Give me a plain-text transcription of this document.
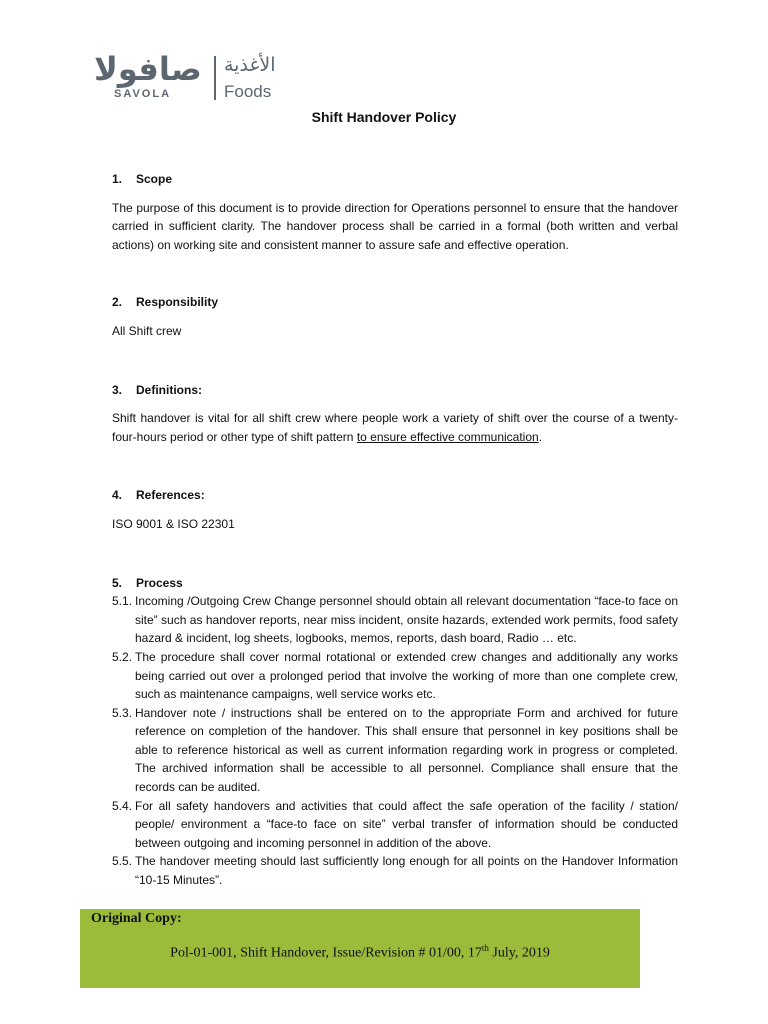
صافولا
SAVOLA
الأغذية
Foods
Shift Handover Policy

1. Scope

The purpose of this document is to provide direction for Operations personnel to ensure that the handover carried in sufficient clarity. The handover process shall be carried in a formal (both written and verbal actions) on working site and consistent manner to assure safe and effective operation.

2. Responsibility

All Shift crew

3. Definitions:

Shift handover is vital for all shift crew where people work a variety of shift over the course of a twenty-four-hours period or other type of shift pattern to ensure effective communication.

4. References:

ISO 9001 & ISO 22301

5. Process

5.1. Incoming /Outgoing Crew Change personnel should obtain all relevant documentation “face-to face on site” such as handover reports, near miss incident, onsite hazards, extended work permits, food safety hazard & incident, log sheets, logbooks, memos, reports, dash board, Radio … etc.
5.2. The procedure shall cover normal rotational or extended crew changes and additionally any works being carried out over a prolonged period that involve the working of more than one complete crew, such as maintenance campaigns, well service works etc.
5.3. Handover note / instructions shall be entered on to the appropriate Form and archived for future reference on completion of the handover. This shall ensure that personnel in key positions shall be able to reference historical as well as current information regarding work in progress or completed. The archived information shall be accessible to all personnel. Compliance shall ensure that the records can be audited.
5.4. For all safety handovers and activities that could affect the safe operation of the facility / station/ people/ environment a “face-to face on site” verbal transfer of information should be conducted between outgoing and incoming personnel in addition of the above.
5.5. The handover meeting should last sufficiently long enough for all points on the Handover Information “10-15 Minutes”.
Original Copy:
Pol-01-001, Shift Handover, Issue/Revision # 01/00, 17th July, 2019
